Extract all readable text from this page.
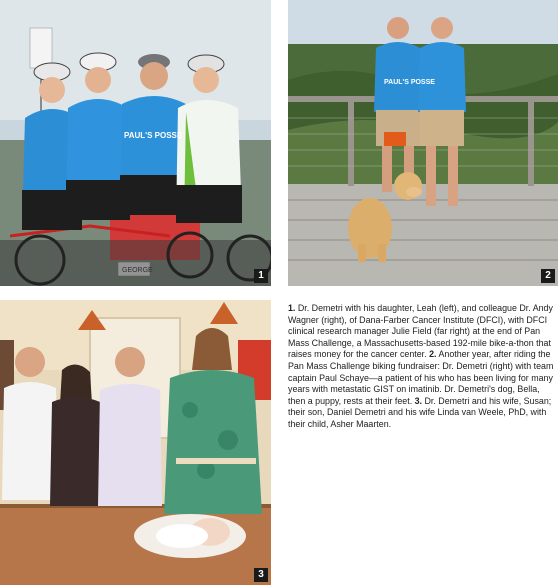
PAUL'S POSSE
1
PAUL'S POSSE
2
3

1. Dr. Demetri with his daughter, Leah (left), and colleague Dr. Andy Wagner (right), of Dana-Farber Cancer Institute (DFCI), with DFCI clinical research manager Julie Field (far right) at the end of Pan Mass Challenge, a Massachusetts-based 192-mile bike-a-thon that raises money for the cancer center. 2. Another year, after riding the Pan Mass Challenge biking fundraiser: Dr. Demetri (right) with team captain Paul Schaye—a patient of his who has been living for many years with metastatic GIST on imatinib. Dr. Demetri's dog, Bella, then a puppy, rests at their feet. 3. Dr. Demetri and his wife, Susan; their son, Daniel Demetri and his wife Linda van Weele, PhD, with their child, Asher Maarten.
